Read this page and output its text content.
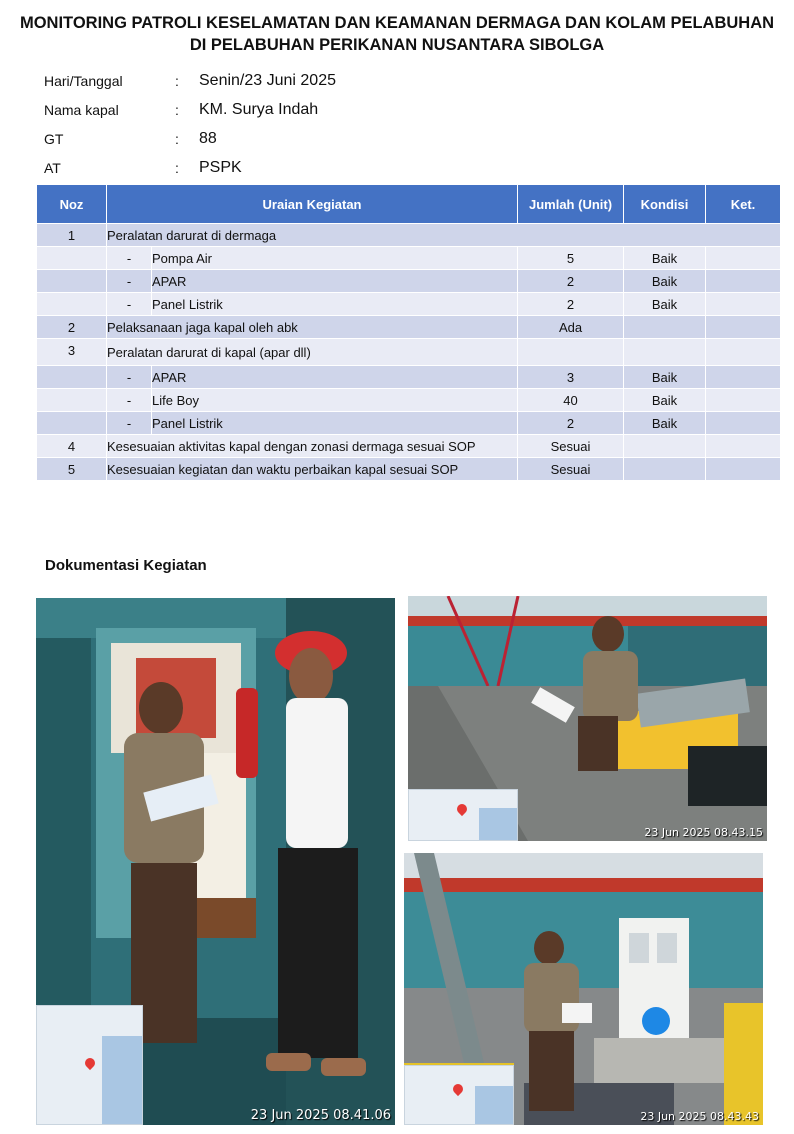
MONITORING PATROLI KESELAMATAN DAN KEAMANAN DERMAGA DAN KOLAM PELABUHAN
DI PELABUHAN PERIKANAN NUSANTARA SIBOLGA
Hari/Tanggal	:	Senin/23 Juni 2025
Nama kapal	:	KM. Surya Indah
GT	:	88
AT	:	PSPK
Noz	Uraian Kegiatan		Jumlah (Unit)	Kondisi	Ket.
1	Peralatan darurat di dermaga				
	-	Pompa Air	5	Baik	
	-	APAR	2	Baik	
	-	Panel Listrik	2	Baik	
2	Pelaksanaan jaga kapal oleh abk		Ada		
3	Peralatan darurat di kapal (apar dll)				
	-	APAR	3	Baik	
	-	Life Boy	40	Baik	
	-	Panel Listrik	2	Baik	
4	Kesesuaian aktivitas kapal dengan zonasi dermaga sesuai SOP		Sesuai		
5	Kesesuaian kegiatan dan waktu perbaikan kapal sesuai SOP		Sesuai		
Dokumentasi Kegiatan
23 Jun 2025 08.41.06
23 Jun 2025 08.43.15
23 Jun 2025 08.43.43
